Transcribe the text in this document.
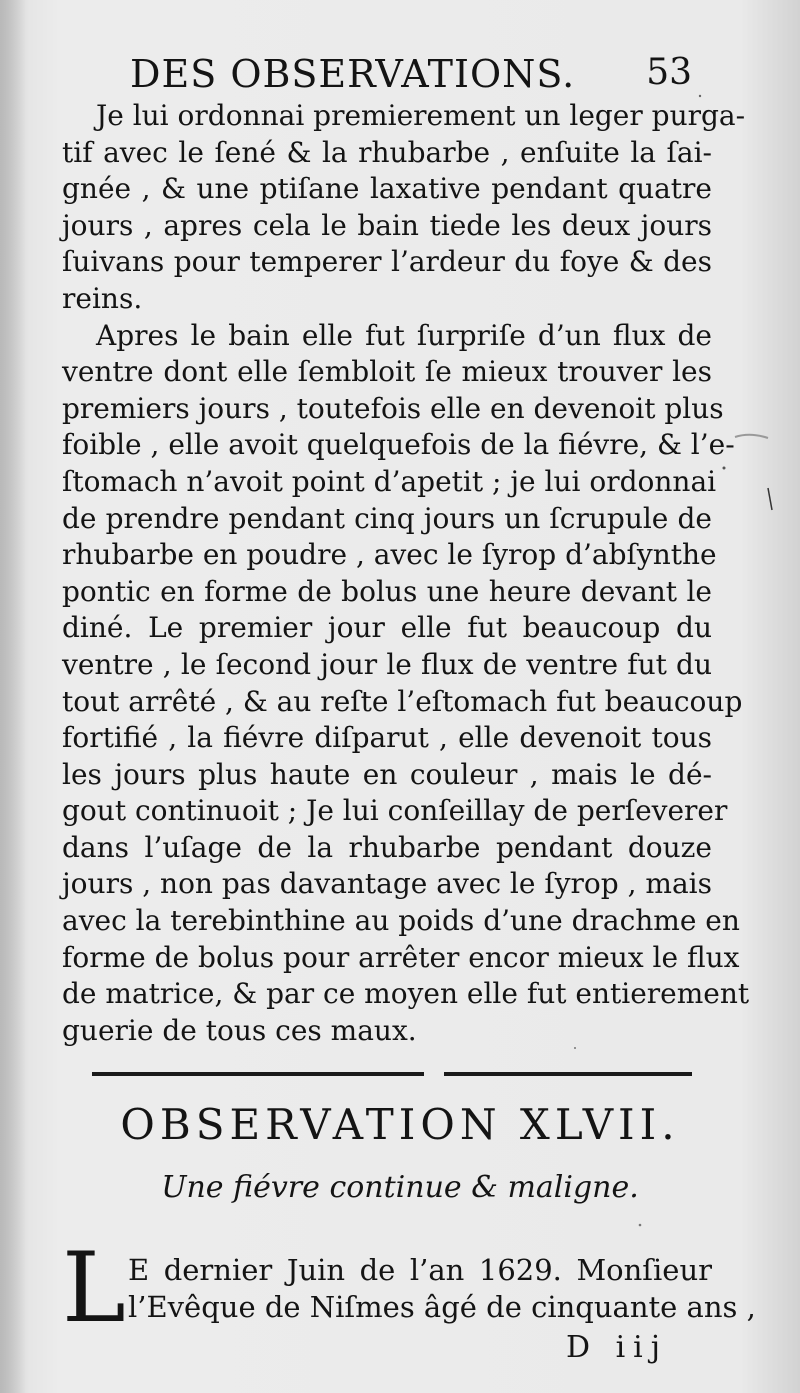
DES OBSERVATIONS. 53
Je lui ordonnai premierement un leger purga-
tif avec le ſené & la rhubarbe , enſuite la ſai-
gnée , & une ptiſane laxative pendant quatre
jours , apres cela le bain tiede les deux jours
ſuivans pour temperer l’ardeur du foye & des
reins.
Apres le bain elle fut ſurpriſe d’un flux de
ventre dont elle ſembloit ſe mieux trouver les
premiers jours , toutefois elle en devenoit plus
foible , elle avoit quelquefois de la fiévre, & l’e-
ſtomach n’avoit point d’apetit ; je lui ordonnai
de prendre pendant cinq jours un ſcrupule de
rhubarbe en poudre , avec le ſyrop d’abſynthe
pontic en forme de bolus une heure devant le
diné. Le premier jour elle fut beaucoup du
ventre , le ſecond jour le flux de ventre fut du
tout arrêté , & au reſte l’eſtomach fut beaucoup
fortifié , la fiévre diſparut , elle devenoit tous
les jours plus haute en couleur , mais le dé-
gout continuoit ; Je lui conſeillay de perſeverer
dans l’uſage de la rhubarbe pendant douze
jours , non pas davantage avec le ſyrop , mais
avec la terebinthine au poids d’une drachme en
forme de bolus pour arrêter encor mieux le flux
de matrice, & par ce moyen elle fut entierement
guerie de tous ces maux.
OBSERVATION XLVII.
Une fiévre continue & maligne.
L E dernier Juin de l’an 1629. Monſieur
l’Evêque de Niſmes âgé de cinquante ans ,
D iij
